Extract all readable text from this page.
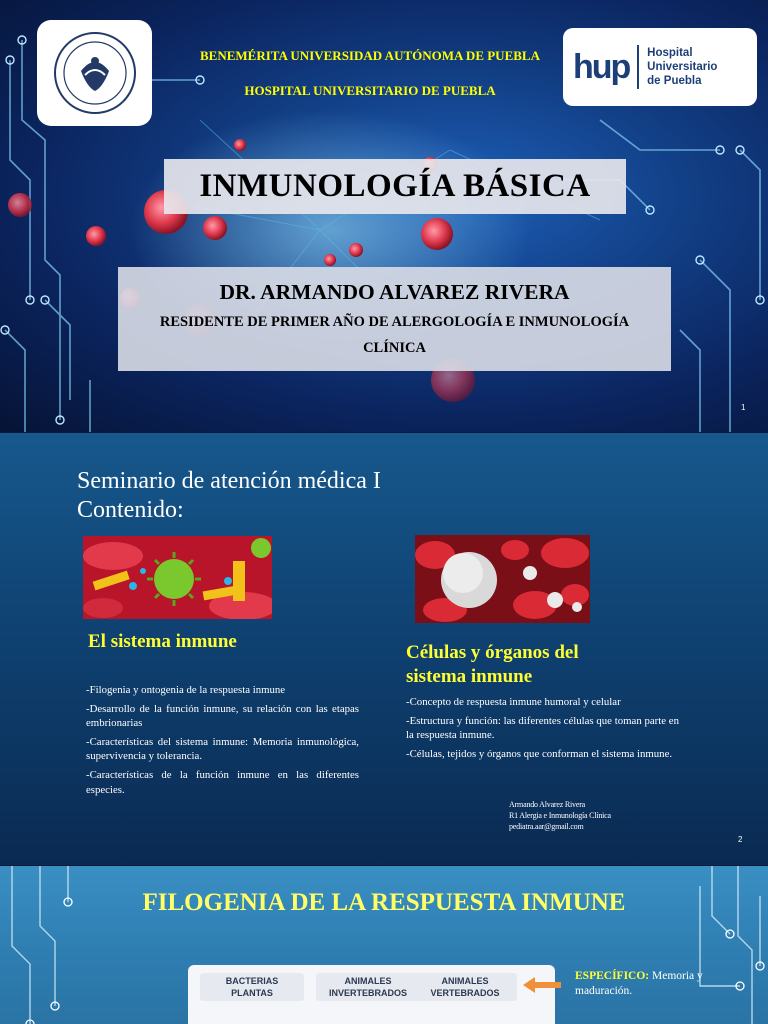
BENEMÉRITA UNIVERSIDAD AUTÓNOMA DE PUEBLA
HOSPITAL UNIVERSITARIO DE PUEBLA
hup Hospital Universitario
de Puebla
INMUNOLOGÍA BÁSICA
DR. ARMANDO ALVAREZ RIVERA
RESIDENTE DE PRIMER AÑO DE ALERGOLOGÍA E INMUNOLOGÍA CLÍNICA
1
Seminario de atención médica I
Contenido:
El sistema inmune

-Filogenia y ontogenia de la respuesta inmune

-Desarrollo de la función inmune, su relación con las etapas embrionarias

-Características del sistema inmune: Memoria inmunológica, supervivencia y tolerancia.

-Características de la función inmune en las diferentes especies.

Células y órganos del sistema inmune

-Concepto de respuesta inmune humoral y celular

-Estructura y función: las diferentes células que toman parte en la respuesta inmune.

-Células, tejidos y órganos que conforman el sistema inmune.

Armando Alvarez Rivera
R1 Alergia e Inmunología Clínica
pediatra.aar@gmail.com
2
FILOGENIA DE LA RESPUESTA INMUNE
BACTERIAS
PLANTAS
ANIMALES
INVERTEBRADOS
ANIMALES
VERTEBRADOS
ESPECÍFICO: Memoria y maduración.
